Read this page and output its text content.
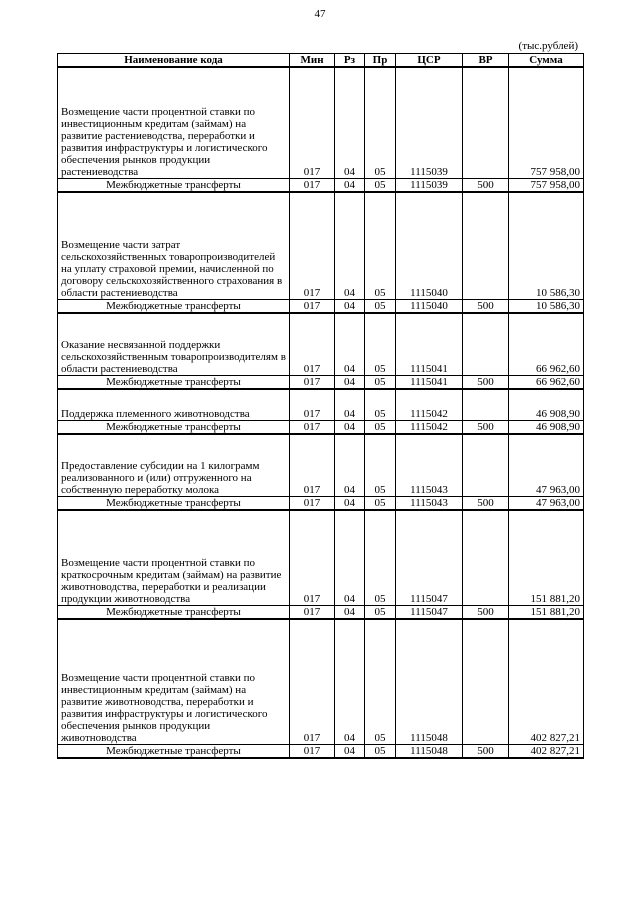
47
(тыс.рублей)
Наименование кода	Мин	Рз	Пр	ЦСР	ВР	Сумма

Возмещение части процентной ставки по инвестиционным кредитам (займам) на развитие растениеводства, переработки и развития инфраструктуры и логистического обеспечения рынков продукции растениеводства	017	04	05	1115039		757 958,00
Межбюджетные трансферты	017	04	05	1115039	500	757 958,00

Возмещение части затрат сельскохозяйственных товаропроизводителей на уплату страховой премии, начисленной по договору сельскохозяйственного страхования в области растениеводства	017	04	05	1115040		10 586,30
Межбюджетные трансферты	017	04	05	1115040	500	10 586,30

Оказание несвязанной поддержки сельскохозяйственным товаропроизводителям в области растениеводства	017	04	05	1115041		66 962,60
Межбюджетные трансферты	017	04	05	1115041	500	66 962,60

Поддержка племенного животноводства	017	04	05	1115042		46 908,90
Межбюджетные трансферты	017	04	05	1115042	500	46 908,90

Предоставление субсидии на 1 килограмм реализованного и (или) отгруженного на собственную переработку молока	017	04	05	1115043		47 963,00
Межбюджетные трансферты	017	04	05	1115043	500	47 963,00

Возмещение части процентной ставки по краткосрочным кредитам (займам) на развитие животноводства, переработки и реализации продукции животноводства	017	04	05	1115047		151 881,20
Межбюджетные трансферты	017	04	05	1115047	500	151 881,20

Возмещение части процентной ставки по инвестиционным кредитам (займам) на развитие животноводства, переработки и развития инфраструктуры и логистического обеспечения рынков продукции животноводства	017	04	05	1115048		402 827,21
Межбюджетные трансферты	017	04	05	1115048	500	402 827,21
